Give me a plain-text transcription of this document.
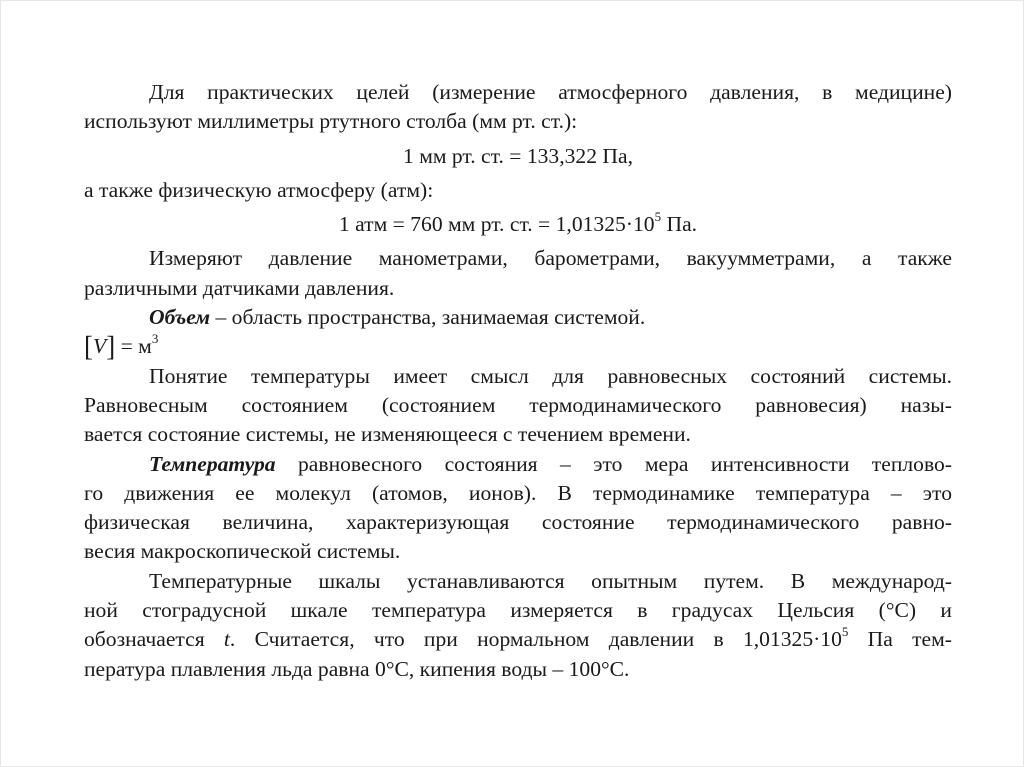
Для практических целей (измерение атмосферного давления, в медицине)
используют миллиметры ртутного столба (мм рт. ст.):
1 мм рт. ст. = 133,322 Па,
а также физическую атмосферу (атм):
1 атм = 760 мм рт. ст. = $1,01325\cdot 10^5$ Па.
Измеряют давление манометрами, барометрами, вакуумметрами, а также
различными датчиками давления.
Объем – область пространства, занимаемая системой.
$[V] = м^3$
Понятие температуры имеет смысл для равновесных состояний системы.
Равновесным состоянием (состоянием термодинамического равновесия) назы-
вается состояние системы, не изменяющееся с течением времени.
Температура равновесного состояния – это мера интенсивности теплово-
го движения ее молекул (атомов, ионов). В термодинамике температура – это
физическая величина, характеризующая состояние термодинамического равно-
весия макроскопической системы.
Температурные шкалы устанавливаются опытным путем. В международ-
ной стоградусной шкале температура измеряется в градусах Цельсия (°С) и
обозначается t. Считается, что при нормальном давлении в $1,01325\cdot 10^5$ Па тем-
пература плавления льда равна 0°С, кипения воды – 100°С.
